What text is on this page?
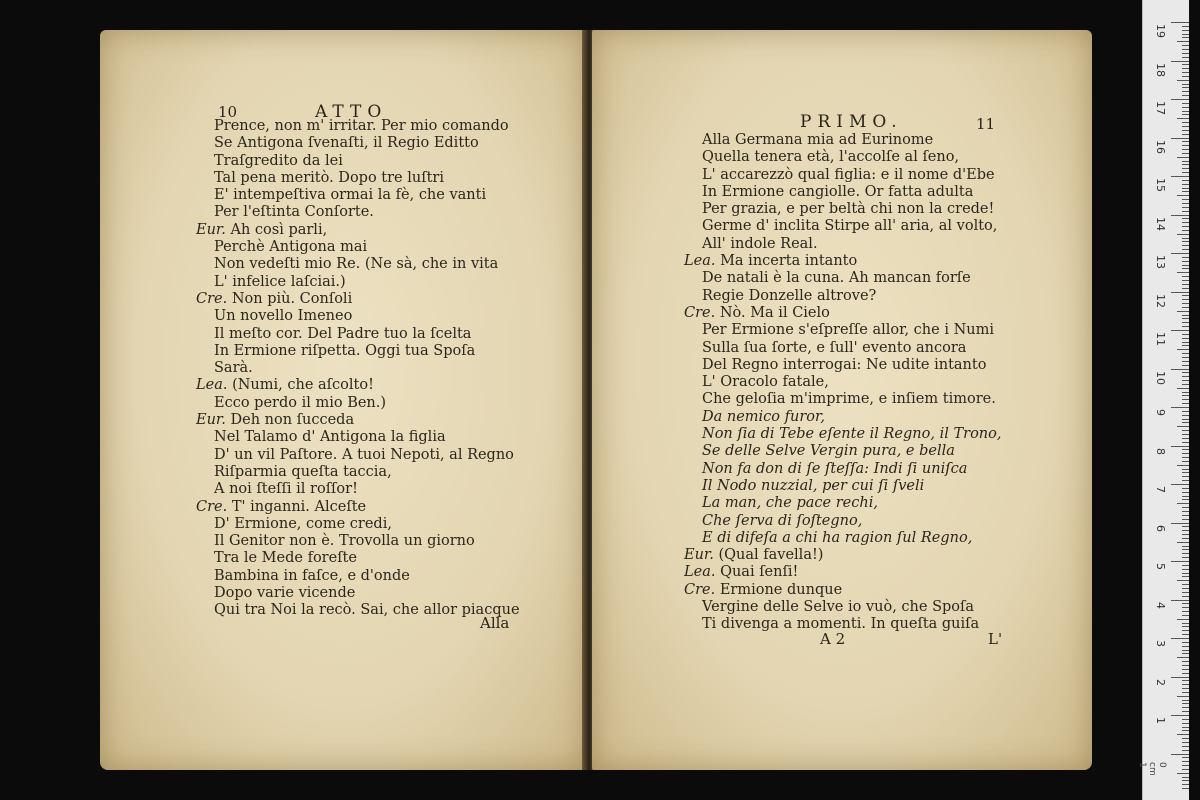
10	ATTO
Prence, non m' irritar. Per mio comando
Se Antigona ſvenaſti, il Regio Editto
Traſgredito da lei
Tal pena meritò. Dopo tre luſtri
E' intempeſtiva ormai la fè, che vanti
Per l'eſtinta Conſorte.
Eur. Ah così parli,
Perchè Antigona mai
Non vedeſti mio Re. (Ne sà, che in vita
L' infelice laſciai.)
Cre. Non più. Conſoli
Un novello Imeneo
Il meſto cor. Del Padre tuo la ſcelta
In Ermione riſpetta. Oggi tua Spoſa
Sarà.
Lea. (Numi, che aſcolto!
Ecco perdo il mio Ben.)
Eur. Deh non ſucceda
Nel Talamo d' Antigona la figlia
D' un vil Paſtore. A tuoi Nepoti, al Regno
Riſparmia queſta taccia,
A noi ſteſſi il roſſor!
Cre. T' inganni. Alceſte
D' Ermione, come credi,
Il Genitor non è. Trovolla un giorno
Tra le Mede foreſte
Bambina in faſce, e d'onde
Dopo varie vicende
Qui tra Noi la recò. Sai, che allor piacque
Alla
PRIMO.	11
Alla Germana mia ad Eurinome
Quella tenera età, l'accolſe al ſeno,
L' accarezzò qual figlia: e il nome d'Ebe
In Ermione cangiolle. Or fatta adulta
Per grazia, e per beltà chi non la crede!
Germe d' inclita Stirpe all' aria, al volto,
All' indole Real.
Lea. Ma incerta intanto
De natali è la cuna. Ah mancan forſe
Regie Donzelle altrove?
Cre. Nò. Ma il Cielo
Per Ermione s'eſpreſſe allor, che i Numi
Sulla ſua ſorte, e ſull' evento ancora
Del Regno interrogai: Ne udite intanto
L' Oracolo fatale,
Che geloſia m'imprime, e inſiem timore.
Da nemico furor,
Non ſia di Tebe eſente il Regno, il Trono,
Se delle Selve Vergin pura, e bella
Non fa don di ſe ſteſſa: Indi ſi uniſca
Il Nodo nuzzial, per cui ſi ſveli
La man, che pace rechi,
Che ſerva di ſoſtegno,
E di difeſa a chi ha ragion ſul Regno,
Eur. (Qual favella!)
Lea. Quai ſenſi!
Cre. Ermione dunque
Vergine delle Selve io vuò, che Spoſa
Ti divenga a momenti. In queſta guiſa
A 2	L'
0 cm 1
19
18
17
16
15
14
13
12
11
10
9
8
7
6
5
4
3
2
1
